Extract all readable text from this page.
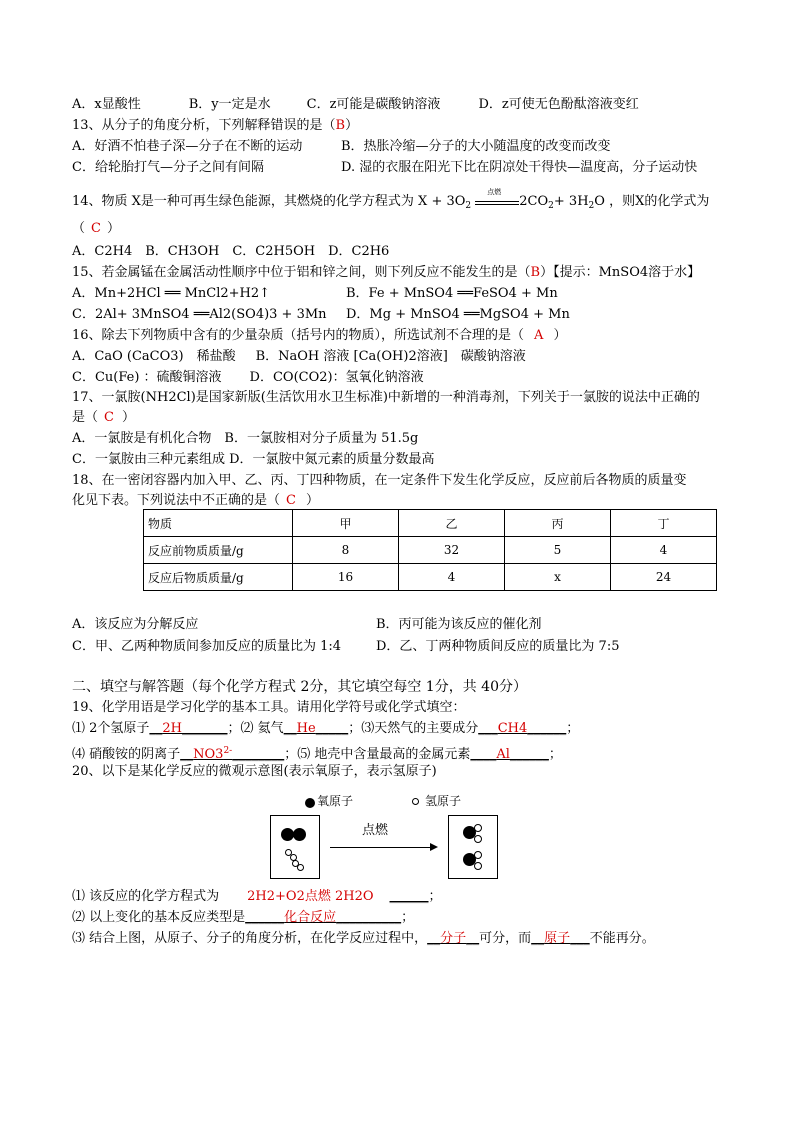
A．x显酸性	B．y一定是水	C．z可能是碳酸钠溶液	D．z可使无色酚酞溶液变红
13、从分子的角度分析，下列解释错误的是（B）
A．好酒不怕巷子深—分子在不断的运动	B．热胀冷缩—分子的大小随温度的改变而改变
C．给轮胎打气—分子之间有间隔	D. 湿的衣服在阳光下比在阴凉处干得快—温度高，分子运动快
14、物质 X是一种可再生绿色能源，其燃烧的化学方程式为 $X + 3O_2$
点燃
$2CO_2+ 3H_2O$ ，则X的化学式为
（ C ）
A．C2H4　B．CH3OH　C．C2H5OH　D．C2H6
15、若金属锰在金属活动性顺序中位于铝和锌之间，则下列反应不能发生的是（B）【提示：MnSO4溶于水】
A．Mn+2HCl ══ MnCl2+H2↑	B．Fe + MnSO4 ══FeSO4 + Mn
C．2Al+ 3MnSO4 ══Al2(SO4)3 + 3Mn D．Mg + MnSO4 ══MgSO4 + Mn
16、除去下列物质中含有的少量杂质（括号内的物质），所选试剂不合理的是（ A ）
A．CaO (CaCO3)　稀盐酸 B．NaOH 溶液 [Ca(OH)2溶液]　碳酸钠溶液
C．Cu(Fe) ：硫酸铜溶液 D．CO(CO2)：氢氧化钠溶液
17、一氯胺(NH2Cl)是国家新版(生活饮用水卫生标准)中新增的一种消毒剂，下列关于一氯胺的说法中正确的
是（ C ）
A．一氯胺是有机化合物　B．一氯胺相对分子质量为 51.5g
C．一氯胺由三种元素组成 D．一氯胺中氮元素的质量分数最高
18、在一密闭容器内加入甲、乙、丙、丁四种物质，在一定条件下发生化学反应，反应前后各物质的质量变
化见下表。下列说法中不正确的是（ C ）
物质	甲	乙	丙	丁
反应前物质质量/g	8	32	5	4
反应后物质质量/g	16	4	x	24
A．该反应为分解反应	B．丙可能为该反应的催化剂
C．甲、乙两种物质间参加反应的质量比为 1:4	D．乙、丁两种物质间反应的质量比为 7:5
二、填空与解答题（每个化学方程式 2分，其它填空每空 1分，共 40分）
19、化学用语是学习化学的基本工具。请用化学符号或化学式填空：
⑴ 2个氢原子__2H_______；⑵ 氦气__He_____；⑶天然气的主要成分___CH4______；
⑷ 硝酸铵的阴离子$\_\_NO3^{2-}\_\_\_\_\_\_\_\_$；⑸ 地壳中含量最高的金属元素____Al______；
20、以下是某化学反应的微观示意图(表示氧原子，表示氢原子)
氧原子	氢原子
点燃
⑴ 该反应的化学方程式为 2H2+O2点燃 2H2O ______；
⑵ 以上变化的基本反应类型是______化合反应__________；
⑶ 结合上图，从原子、分子的角度分析，在化学反应过程中，__分子__可分，而__原子___不能再分。
